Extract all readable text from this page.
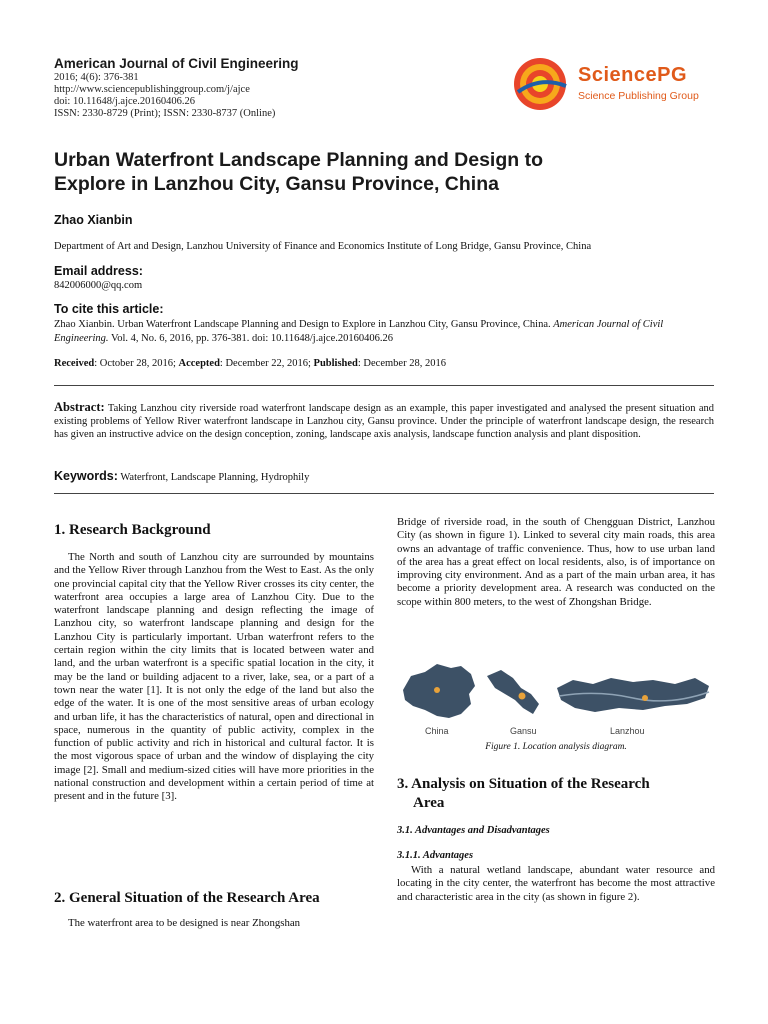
American Journal of Civil Engineering
2016; 4(6): 376-381
http://www.sciencepublishinggroup.com/j/ajce
doi: 10.11648/j.ajce.20160406.26
ISSN: 2330-8729 (Print); ISSN: 2330-8737 (Online)
SciencePG
Science Publishing Group
Urban Waterfront Landscape Planning and Design to
Explore in Lanzhou City, Gansu Province, China
Zhao Xianbin
Department of Art and Design, Lanzhou University of Finance and Economics Institute of Long Bridge, Gansu Province, China
Email address:
842006000@qq.com
To cite this article:
Zhao Xianbin. Urban Waterfront Landscape Planning and Design to Explore in Lanzhou City, Gansu Province, China. American Journal of Civil Engineering. Vol. 4, No. 6, 2016, pp. 376-381. doi: 10.11648/j.ajce.20160406.26
Received: October 28, 2016; Accepted: December 22, 2016; Published: December 28, 2016
Abstract: Taking Lanzhou city riverside road waterfront landscape design as an example, this paper investigated and analysed the present situation and existing problems of Yellow River waterfront landscape in Lanzhou city, Gansu province. Under the principle of waterfront landscape design, the research has given an instructive advice on the design conception, zoning, landscape axis analysis, landscape function analysis and plant disposition.
Keywords: Waterfront, Landscape Planning, Hydrophily
1. Research Background

The North and south of Lanzhou city are surrounded by mountains and the Yellow River through Lanzhou from the West to East. As the only one provincial capital city that the Yellow River crosses its city center, the waterfront area occupies a large area of Lanzhou City. Due to the waterfront landscape planning and design reflecting the image of Lanzhou city, so waterfront landscape planning and design for the Lanzhou City is particularly important. Urban waterfront refers to the certain region within the city limits that is located between water and land, and the urban waterfront is a specific spatial location in the city, it may be the land or building adjacent to a river, lake, sea, or a part of a town near the water [1]. It is not only the edge of the land but also the edge of the water. It is one of the most sensitive areas of urban ecology and urban life, it has the characteristics of natural, open and directional in space, numerous in the quantity of public activity, complex in the function of public activity and rich in historical and cultural factor. It is the most vigorous space of urban and the window of displaying the city image [2]. Small and medium-sized cities will have more priorities in the national construction and development within a certain period of time at present and in the future [3].

2. General Situation of the Research Area

The waterfront area to be designed is near Zhongshan

Bridge of riverside road, in the south of Chengguan District, Lanzhou City (as shown in figure 1). Linked to several city main roads, this area owns an advantage of traffic convenience. Thus, how to use urban land of the area has a great effect on local residents, also, is of importance on improving city environment. And as a part of the main urban area, it has become a priority development area. A research was conducted on the scope within 800 meters, to the west of Zhongshan Bridge.

China	Gansu	Lanzhou
Figure 1. Location analysis diagram.
3. Analysis on Situation of the Research
Area
3.1. Advantages and Disadvantages
3.1.1. Advantages

With a natural wetland landscape, abundant water resource and locating in the city center, the waterfront has become the most attractive and characteristic area in the city (as shown in figure 2).
